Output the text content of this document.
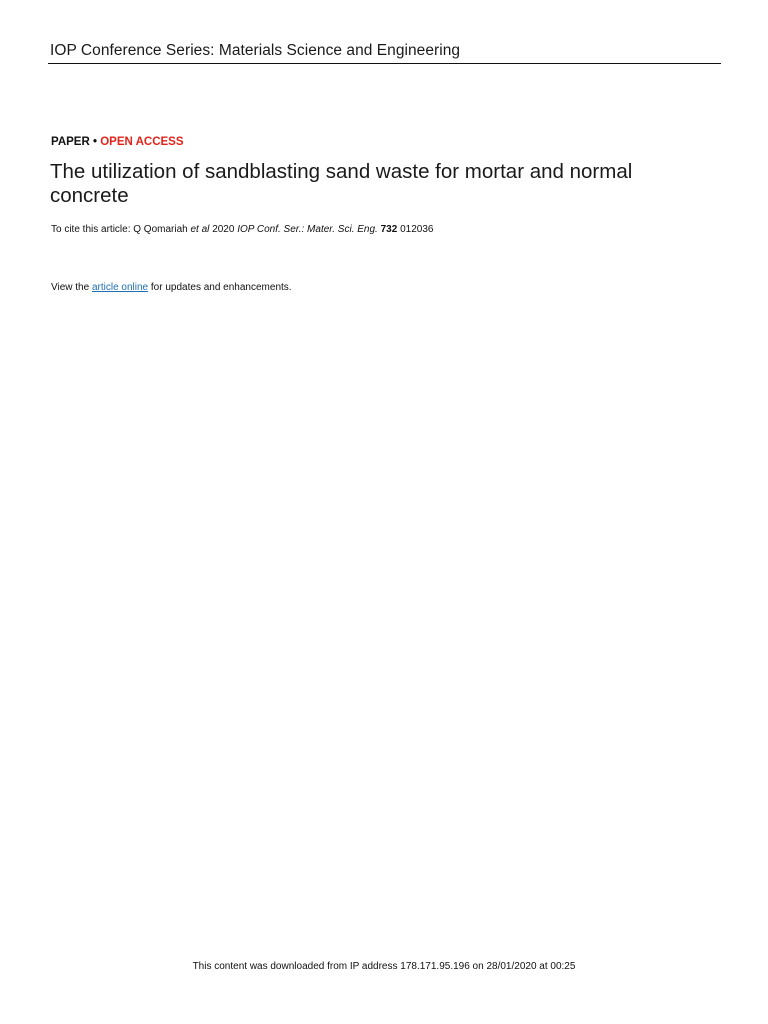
IOP Conference Series: Materials Science and Engineering
PAPER • OPEN ACCESS
The utilization of sandblasting sand waste for mortar and normal concrete
To cite this article: Q Qomariah et al 2020 IOP Conf. Ser.: Mater. Sci. Eng. 732 012036
View the article online for updates and enhancements.
This content was downloaded from IP address 178.171.95.196 on 28/01/2020 at 00:25
